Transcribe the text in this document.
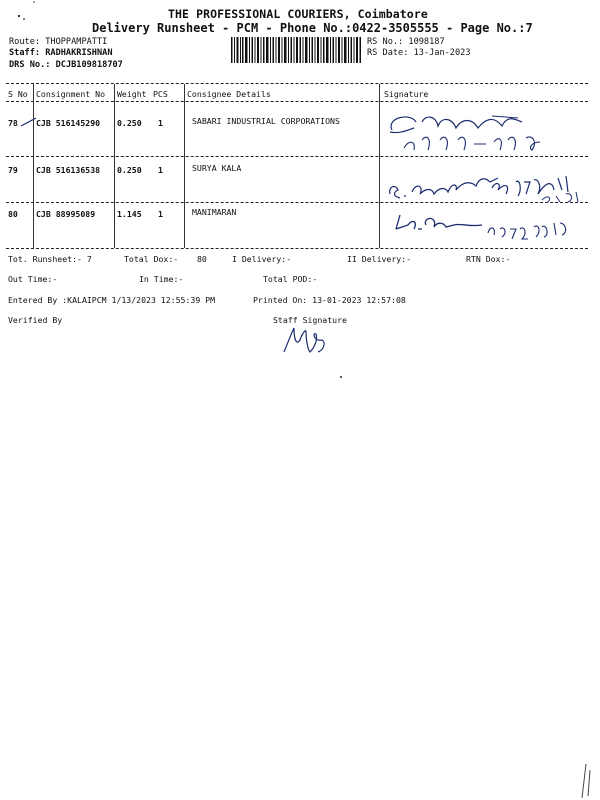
THE PROFESSIONAL COURIERS, Coimbatore
Delivery Runsheet - PCM - Phone No.:0422-3505555 - Page No.:7
Route: THOPPAMPATTI
Staff: RADHAKRISHNAN
DRS No.: DCJB109818707
RS No.: 1098187
RS Date: 13-Jan-2023
S No Consignment No Weight PCS Consignee Details	Signature
78 CJB 516145290 0.250 1	SABARI INDUSTRIAL CORPORATIONS
79 CJB 516136538 0.250 1	SURYA KALA
80 CJB 88995089	1.145 1	MANIMARAN
Tot. Runsheet:- 7	Total Dox:- 80	I Delivery:-	II Delivery:-	RTN Dox:-
Out Time:-	In Time:-	Total POD:-
Entered By :KALAIPCM 1/13/2023 12:55:39 PM	Printed On: 13-01-2023 12:57:08
Verified By	Staff Signature
